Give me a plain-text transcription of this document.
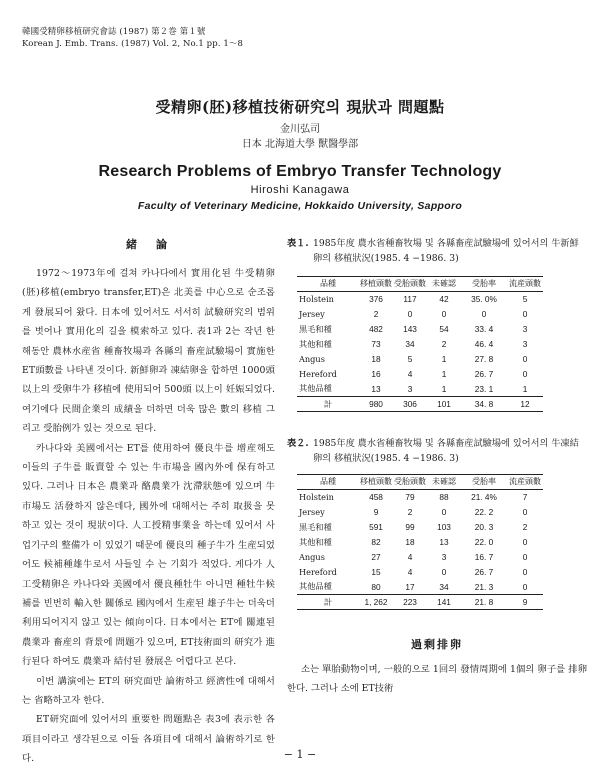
韓國受精卵移植研究會誌 (1987) 第２巻 第１號
Korean J. Emb. Trans. (1987) Vol. 2, No.1 pp. 1〜8
受精卵(胚)移植技術研究의 現狀과 問題點
金川弘司
日本 北海道大學 獸醫學部
Research Problems of Embryo Transfer Technology
Hiroshi Kanagawa
Faculty of Veterinary Medicine, Hokkaido University, Sapporo
緒　論

1972〜1973年에 걸쳐 카나다에서 實用化된 牛受精卵(胚)移植(embryo transfer,ET)은 北美를 中心으로 순조롭게 發展되어 왔다. 日本에 있어서도 서서히 試驗研究의 범위를 벗어나 實用化의 길을 模索하고 있다. 表1과 2는 작년 한해동안 農林水産省 種畜牧場과 各縣의 畜産試驗場이 實施한 ET頭數를 나타낸 것이다. 新鮮卵과 凍結卵을 합하면 1000頭以上의 受卵牛가 移植에 使用되어 500頭 以上이 妊娠되었다. 여기에다 民間企業의 成績을 더하면 더욱 많은 數의 移植 그리고 受胎例가 있는 것으로 된다.

카나다와 美國에서는 ET를 使用하여 優良牛를 增産해도 이들의 子牛를 販賣할 수 있는 牛市場을 國內外에 保有하고 있다. 그러나 日本은 農業과 酪農業가 沈滯狀態에 있으며 牛市場도 活發하지 않은데다, 國外에 대해서는 주히 取扱을 못 하고 있는 것이 現狀이다. 人工授精事業을 하는데 있어서 사업기구의 整備가 이 있었기 때문에 優良의 種子牛가 生産되었어도 候補種雄牛로서 사들일 수 는 기회가 적었다. 게다가 人工受精卵은 카나다와 美國에서 優良種牡牛 아니면 種牡牛候補를 빈번히 輸入한 關係로 國內에서 生産된 雄子牛는 더욱더 利用되어지지 않고 있는 傾向이다. 日本에서는 ET에 關連된 農業과 畜産의 背景에 問題가 있으며, ET技術面의 研究가 進行된다 하여도 農業과 結付된 發展은 어렵다고 본다.

이번 講演에는 ET의 研究面만 論術하고 經濟性에 대해서는 省略하고자 한다.

ET研究面에 있어서의 重要한 問題點은 表3에 表示한 各項目이라고 생각된으로 이들 各項目에 대해서 論術하기로 한다.

表１. 1985年度 農水省種畜牧場 및 各縣畜産試驗場에 있어서의 牛新鮮卵의 移植狀況(1985. 4 −1986. 3)
品種	移植頭數	受胎頭數	未確認	受胎率	流産頭數
Holstein	376	117	42	35. 0%	5
Jersey	2	0	0	0	0
黒毛和種	482	143	54	33. 4	3
其他和種	73	34	2	46. 4	3
Angus	18	5	1	27. 8	0
Hereford	16	4	1	26. 7	0
其他品種	13	3	1	23. 1	1
計	980	306	101	34. 8	12
表２. 1985年度 農水省種畜牧場 및 各縣畜産試驗場에 있어서의 牛凍結卵의 移植狀況(1985. 4 −1986. 3)
品種	移植頭數	受胎頭數	未確認	受胎率	流産頭數
Holstein	458	79	88	21. 4%	7
Jersey	9	2	0	22. 2	0
黒毛和種	591	99	103	20. 3	2
其他和種	82	18	13	22. 0	0
Angus	27	4	3	16. 7	0
Hereford	15	4	0	26. 7	0
其他品種	80	17	34	21. 3	0
計	1, 262	223	141	21. 8	9
過剩排卵

소는 單胎動物이며, 一般的으로 1回의 發情周期에 1個의 卵子를 排卵한다. 그러나 소에 ET技術

− 1 −
